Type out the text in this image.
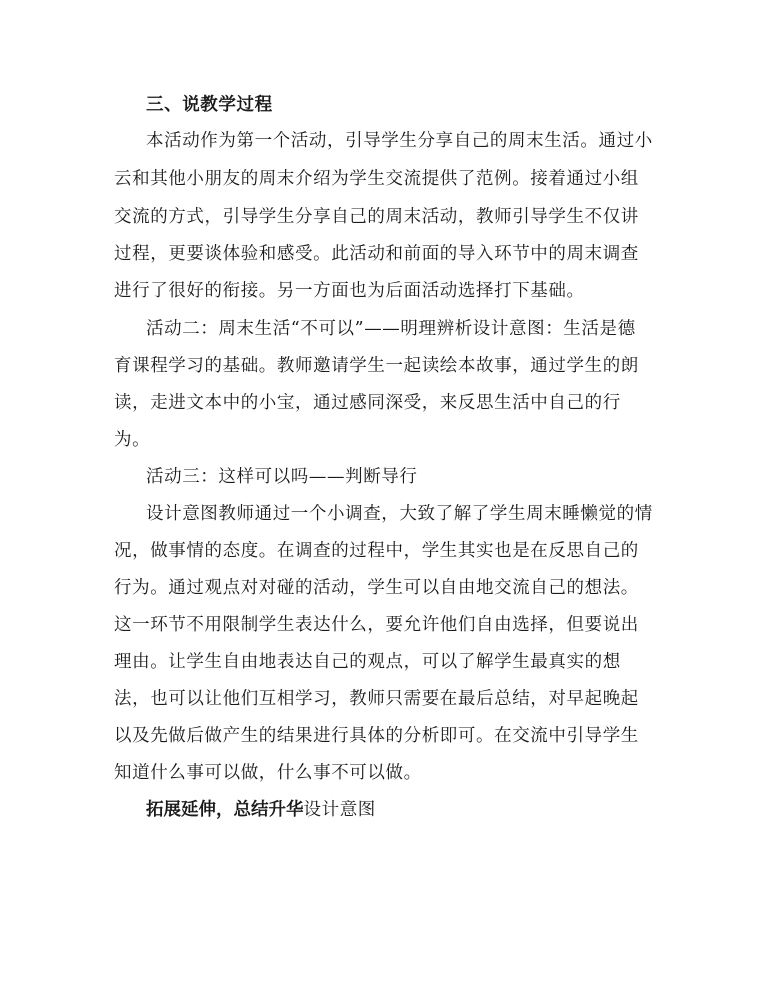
三、说教学过程
本活动作为第一个活动，引导学生分享自己的周末生活。通过小
云和其他小朋友的周末介绍为学生交流提供了范例。接着通过小组
交流的方式，引导学生分享自己的周末活动，教师引导学生不仅讲
过程，更要谈体验和感受。此活动和前面的导入环节中的周末调查
进行了很好的衔接。另一方面也为后面活动选择打下基础。
活动二：周末生活“不可以”——明理辨析设计意图：生活是德
育课程学习的基础。教师邀请学生一起读绘本故事，通过学生的朗
读，走进文本中的小宝，通过感同深受，来反思生活中自己的行
为。
活动三：这样可以吗——判断导行
设计意图教师通过一个小调查，大致了解了学生周末睡懒觉的情
况，做事情的态度。在调查的过程中，学生其实也是在反思自己的
行为。通过观点对对碰的活动，学生可以自由地交流自己的想法。
这一环节不用限制学生表达什么，要允许他们自由选择，但要说出
理由。让学生自由地表达自己的观点，可以了解学生最真实的想
法，也可以让他们互相学习，教师只需要在最后总结，对早起晚起
以及先做后做产生的结果进行具体的分析即可。在交流中引导学生
知道什么事可以做，什么事不可以做。
拓展延伸，总结升华设计意图
